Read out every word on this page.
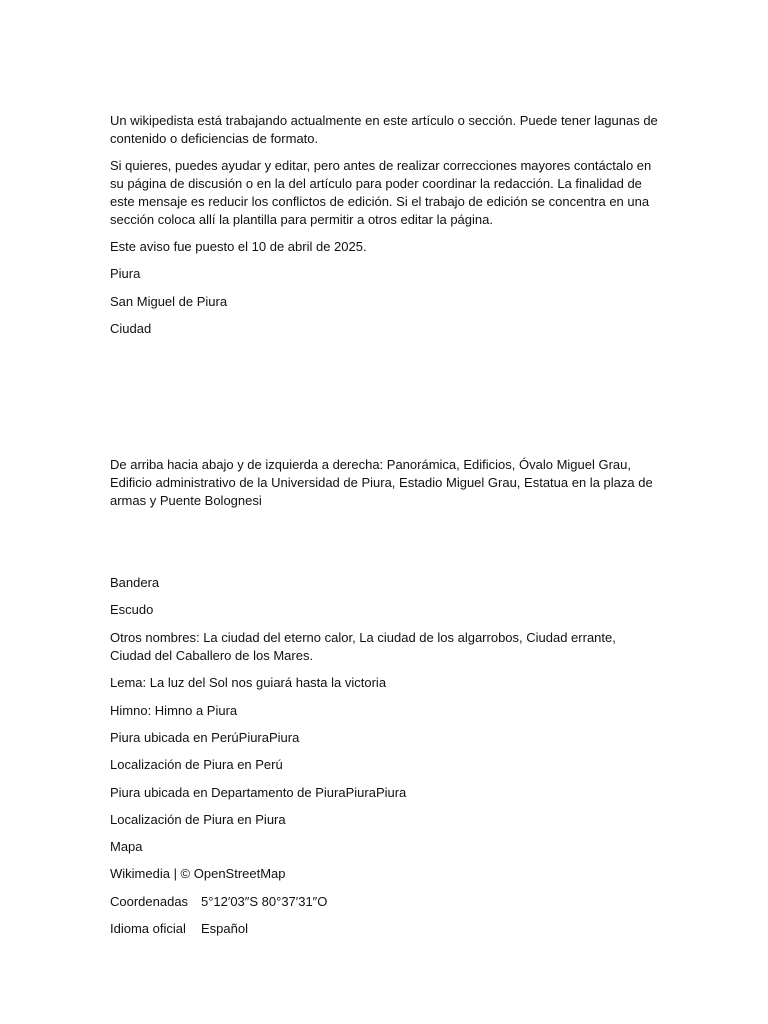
Un wikipedista está trabajando actualmente en este artículo o sección. Puede tener lagunas de contenido o deficiencias de formato.

Si quieres, puedes ayudar y editar, pero antes de realizar correcciones mayores contáctalo en su página de discusión o en la del artículo para poder coordinar la redacción. La finalidad de este mensaje es reducir los conflictos de edición. Si el trabajo de edición se concentra en una sección coloca allí la plantilla para permitir a otros editar la página.

Este aviso fue puesto el 10 de abril de 2025.

Piura

San Miguel de Piura

Ciudad

De arriba hacia abajo y de izquierda a derecha: Panorámica, Edificios, Óvalo Miguel Grau, Edificio administrativo de la Universidad de Piura, Estadio Miguel Grau, Estatua en la plaza de armas y Puente Bolognesi

Bandera

Escudo

Otros nombres: La ciudad del eterno calor, La ciudad de los algarrobos, Ciudad errante, Ciudad del Caballero de los Mares.

Lema: La luz del Sol nos guiará hasta la victoria

Himno: Himno a Piura

Piura ubicada en PerúPiuraPiura

Localización de Piura en Perú

Piura ubicada en Departamento de PiuraPiuraPiura

Localización de Piura en Piura

Mapa

Wikimedia | © OpenStreetMap

Coordenadas 5°12′03″S 80°37′31″O
Idioma oficial Español
